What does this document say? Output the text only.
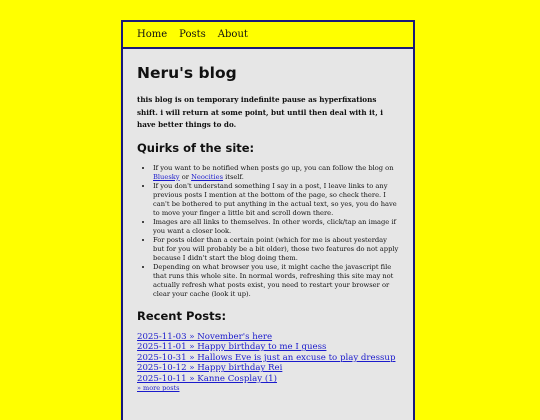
Home Posts About
Neru's blog

this blog is on temporary indefinite pause as hyperfixations shift. i will return at some point, but until then deal with it, i have better things to do.

Quirks of the site:
• If you want to be notified when posts go up, you can follow the blog on Bluesky or Neocities itself.
• If you don't understand something I say in a post, I leave links to any previous posts I mention at the bottom of the page, so check there. I can't be bothered to put anything in the actual text, so yes, you do have to move your finger a little bit and scroll down there.
• Images are all links to themselves. In other words, click/tap an image if you want a closer look.
• For posts older than a certain point (which for me is about yesterday but for you will probably be a bit older), those two features do not apply because I didn't start the blog doing them.
• Depending on what browser you use, it might cache the javascript file that runs this whole site. In normal words, refreshing this site may not actually refresh what posts exist, you need to restart your browser or clear your cache (look it up).
Recent Posts:
2025-11-03 » November's here
2025-11-01 » Happy birthday to me I guess
2025-10-31 » Hallows Eve is just an excuse to play dressup
2025-10-12 » Happy birthday Rei
2025-10-11 » Kanne Cosplay (1)
» more posts
